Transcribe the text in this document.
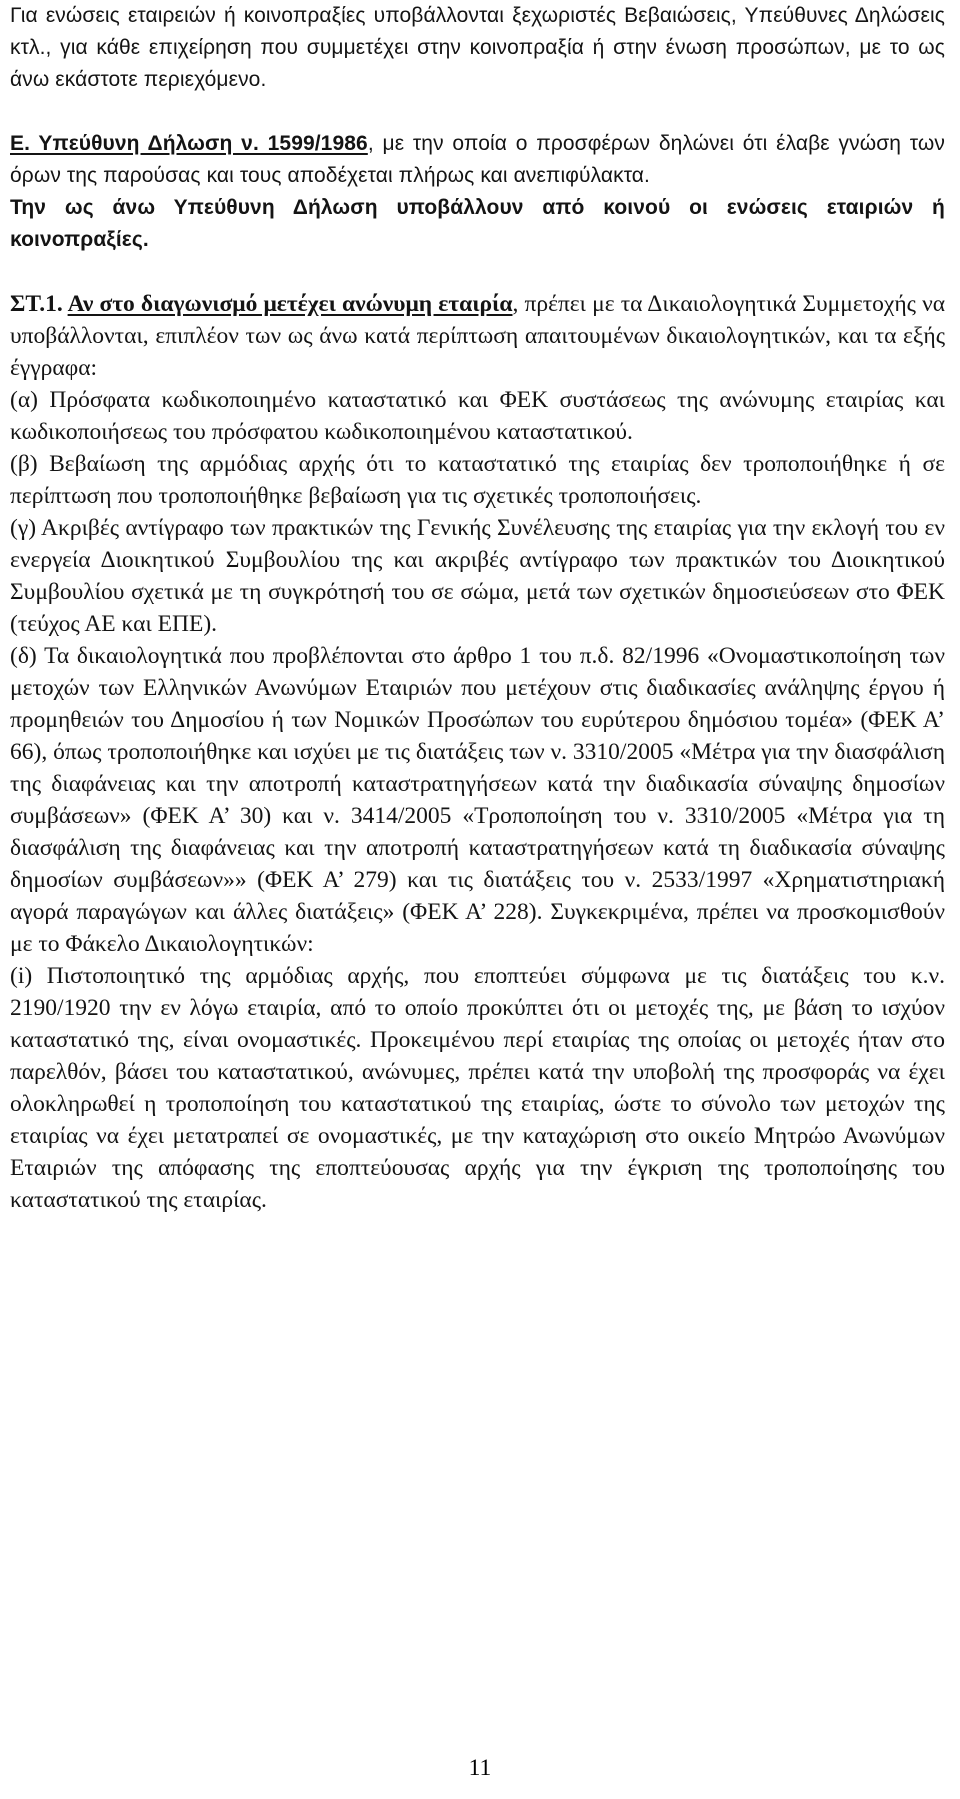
Για ενώσεις εταιρειών ή κοινοπραξίες υποβάλλονται ξεχωριστές Βεβαιώσεις, Υπεύθυνες Δηλώσεις κτλ., για κάθε επιχείρηση που συμμετέχει στην κοινοπραξία ή στην ένωση προσώπων, με το ως άνω εκάστοτε περιεχόμενο.

Ε. Υπεύθυνη Δήλωση ν. 1599/1986, με την οποία ο προσφέρων δηλώνει ότι έλαβε γνώση των όρων της παρούσας και τους αποδέχεται πλήρως και ανεπιφύλακτα.

Την ως άνω Υπεύθυνη Δήλωση υποβάλλουν από κοινού οι ενώσεις εταιριών ή κοινοπραξίες.

ΣΤ.1. Αν στο διαγωνισμό μετέχει ανώνυμη εταιρία, πρέπει με τα Δικαιολογητικά Συμμετοχής να υποβάλλονται, επιπλέον των ως άνω κατά περίπτωση απαιτουμένων δικαιολογητικών, και τα εξής έγγραφα:

(α) Πρόσφατα κωδικοποιημένο καταστατικό και ΦΕΚ συστάσεως της ανώνυμης εταιρίας και κωδικοποιήσεως του πρόσφατου κωδικοποιημένου καταστατικού.

(β) Βεβαίωση της αρμόδιας αρχής ότι το καταστατικό της εταιρίας δεν τροποποιήθηκε ή σε περίπτωση που τροποποιήθηκε βεβαίωση για τις σχετικές τροποποιήσεις.

(γ) Ακριβές αντίγραφο των πρακτικών της Γενικής Συνέλευσης της εταιρίας για την εκλογή του εν ενεργεία Διοικητικού Συμβουλίου της και ακριβές αντίγραφο των πρακτικών του Διοικητικού Συμβουλίου σχετικά με τη συγκρότησή του σε σώμα, μετά των σχετικών δημοσιεύσεων στο ΦΕΚ (τεύχος ΑΕ και ΕΠΕ).

(δ) Τα δικαιολογητικά που προβλέπονται στο άρθρο 1 του π.δ. 82/1996 «Ονομαστικοποίηση των μετοχών των Ελληνικών Ανωνύμων Εταιριών που μετέχουν στις διαδικασίες ανάληψης έργου ή προμηθειών του Δημοσίου ή των Νομικών Προσώπων του ευρύτερου δημόσιου τομέα» (ΦΕΚ Α’ 66), όπως τροποποιήθηκε και ισχύει με τις διατάξεις των ν. 3310/2005 «Μέτρα για την διασφάλιση της διαφάνειας και την αποτροπή καταστρατηγήσεων κατά την διαδικασία σύναψης δημοσίων συμβάσεων» (ΦΕΚ Α’ 30) και ν. 3414/2005 «Τροποποίηση του ν. 3310/2005 «Μέτρα για τη διασφάλιση της διαφάνειας και την αποτροπή καταστρατηγήσεων κατά τη διαδικασία σύναψης δημοσίων συμβάσεων»» (ΦΕΚ Α’ 279) και τις διατάξεις του ν. 2533/1997 «Χρηματιστηριακή αγορά παραγώγων και άλλες διατάξεις» (ΦΕΚ Α’ 228). Συγκεκριμένα, πρέπει να προσκομισθούν με το Φάκελο Δικαιολογητικών:

(i) Πιστοποιητικό της αρμόδιας αρχής, που εποπτεύει σύμφωνα με τις διατάξεις του κ.ν. 2190/1920 την εν λόγω εταιρία, από το οποίο προκύπτει ότι οι μετοχές της, με βάση το ισχύον καταστατικό της, είναι ονομαστικές. Προκειμένου περί εταιρίας της οποίας οι μετοχές ήταν στο παρελθόν, βάσει του καταστατικού, ανώνυμες, πρέπει κατά την υποβολή της προσφοράς να έχει ολοκληρωθεί η τροποποίηση του καταστατικού της εταιρίας, ώστε το σύνολο των μετοχών της εταιρίας να έχει μετατραπεί σε ονομαστικές, με την καταχώριση στο οικείο Μητρώο Ανωνύμων Εταιριών της απόφασης της εποπτεύουσας αρχής για την έγκριση της τροποποίησης του καταστατικού της εταιρίας.

11
